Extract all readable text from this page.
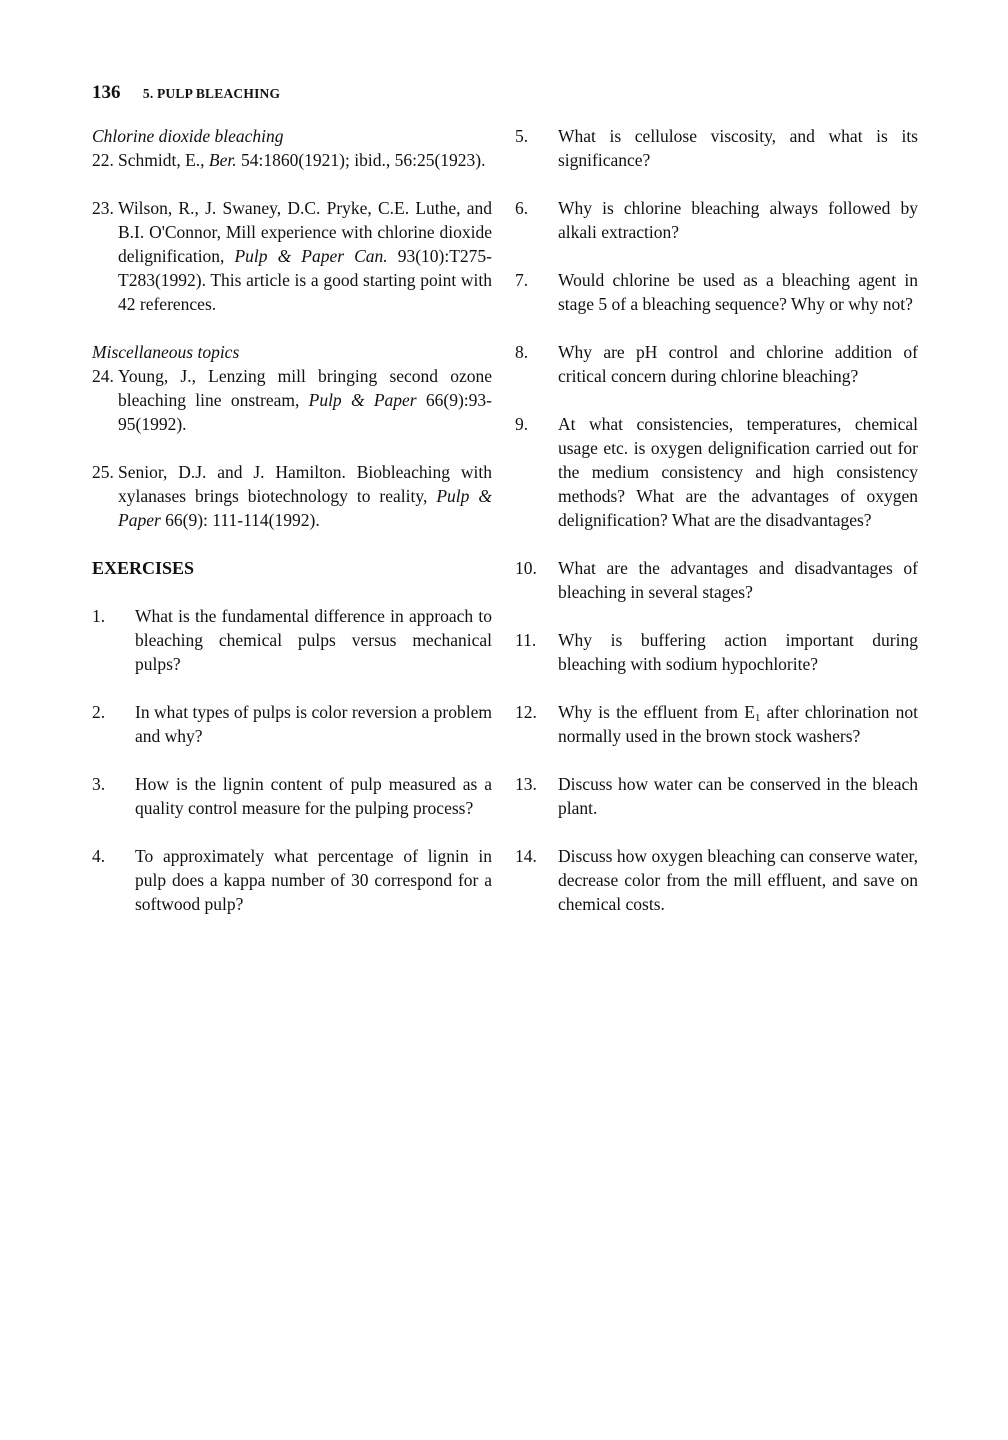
136 5. PULP BLEACHING
Chlorine dioxide bleaching
22. Schmidt, E., Ber. 54:1860(1921); ibid., 56:25(1923).
23. Wilson, R., J. Swaney, D.C. Pryke, C.E. Luthe, and B.I. O'Connor, Mill experience with chlorine dioxide delignification, Pulp & Paper Can. 93(10):T275-T283(1992). This article is a good starting point with 42 references.
Miscellaneous topics
24. Young, J., Lenzing mill bringing second ozone bleaching line onstream, Pulp & Paper 66(9):93-95(1992).
25. Senior, D.J. and J. Hamilton. Biobleaching with xylanases brings biotechnology to reality, Pulp & Paper 66(9): 111-114(1992).
EXERCISES
1.	What is the fundamental difference in approach to bleaching chemical pulps versus mechanical pulps?
2.	In what types of pulps is color reversion a problem and why?
3.	How is the lignin content of pulp measured as a quality control measure for the pulping process?
4.	To approximately what percentage of lignin in pulp does a kappa number of 30 correspond for a softwood pulp?
5.	What is cellulose viscosity, and what is its significance?
6.	Why is chlorine bleaching always followed by alkali extraction?
7.	Would chlorine be used as a bleaching agent in stage 5 of a bleaching sequence? Why or why not?
8.	Why are pH control and chlorine addition of critical concern during chlorine bleaching?
9.	At what consistencies, temperatures, chemical usage etc. is oxygen delignification carried out for the medium consistency and high consistency methods? What are the advantages of oxygen delignification? What are the disadvantages?
10.	What are the advantages and disadvantages of bleaching in several stages?
11.	Why is buffering action important during bleaching with sodium hypochlorite?
12.	Why is the effluent from $E_1$ after chlorination not normally used in the brown stock washers?
13.	Discuss how water can be conserved in the bleach plant.
14.	Discuss how oxygen bleaching can conserve water, decrease color from the mill effluent, and save on chemical costs.
